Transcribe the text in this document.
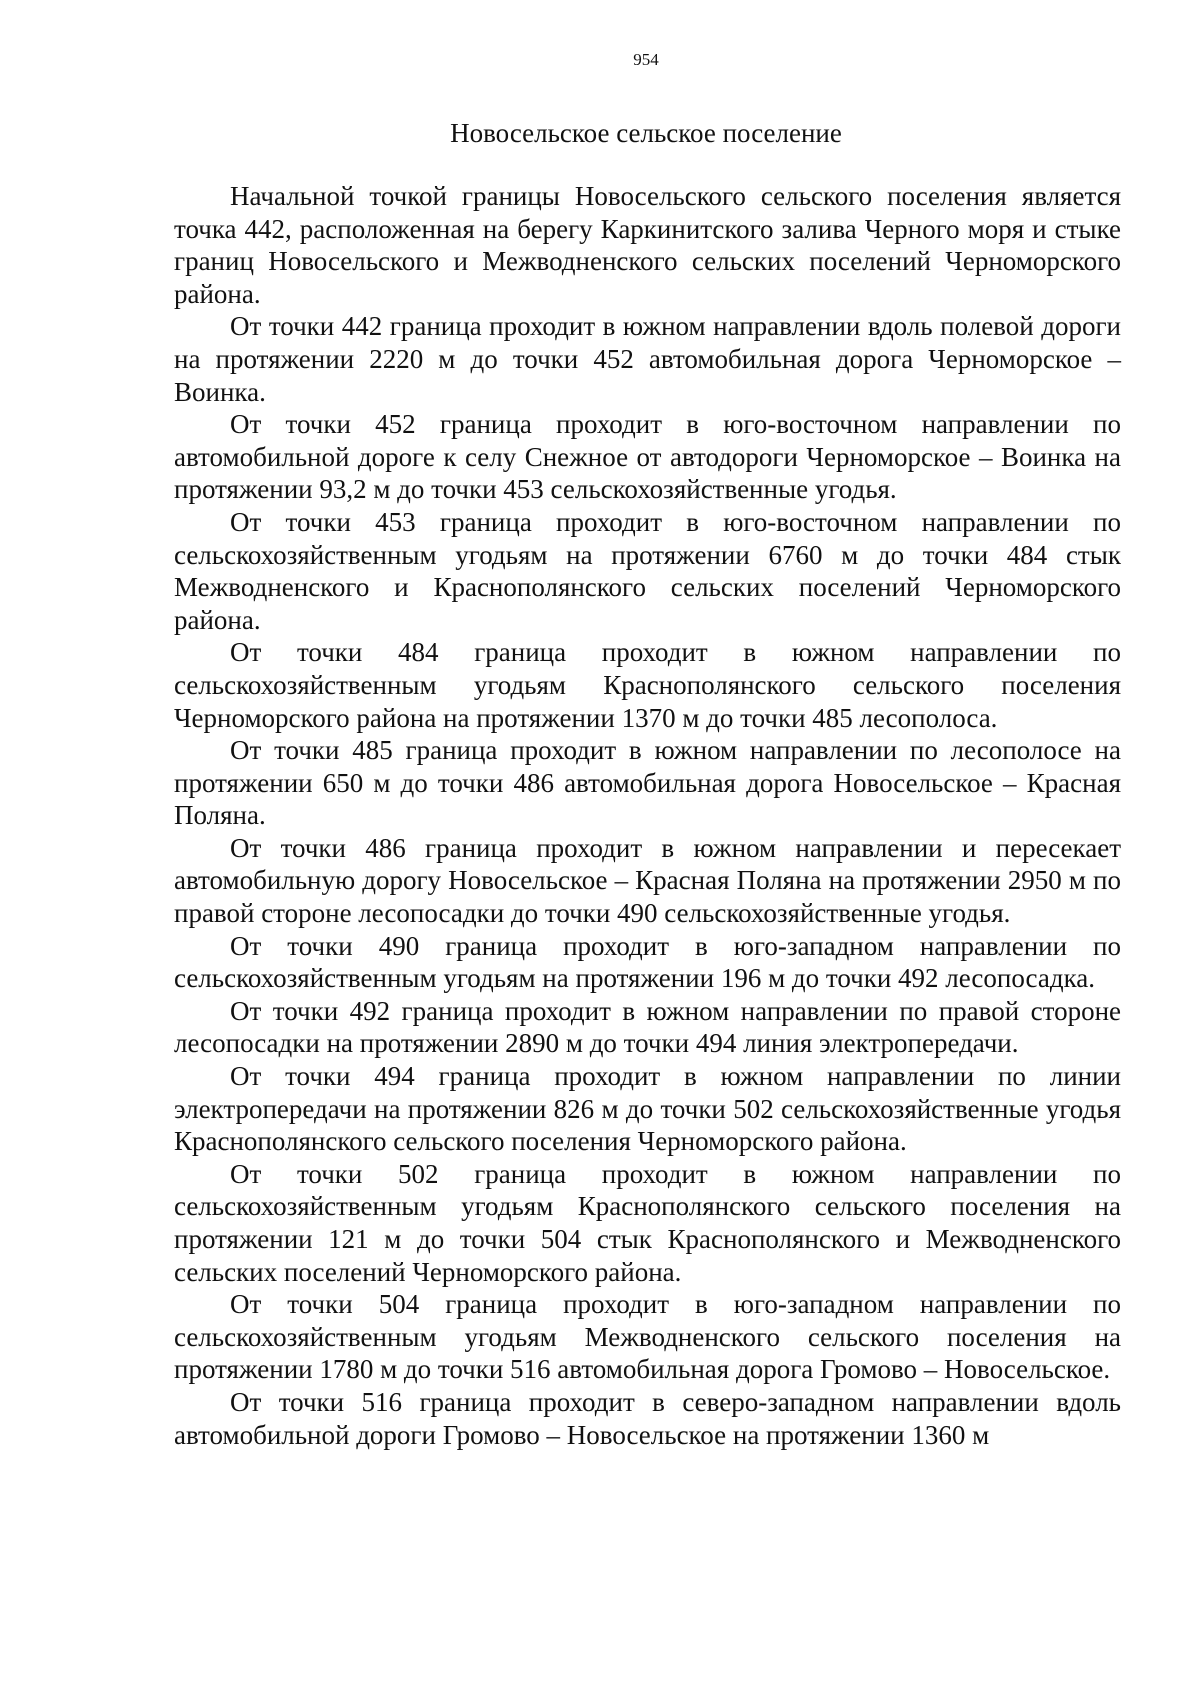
954
Новосельское сельское поселение

Начальной точкой границы Новосельского сельского поселения является точка 442, расположенная на берегу Каркинитского залива Черного моря и стыке границ Новосельского и Межводненского сельских поселений Черноморского района.

От точки 442 граница проходит в южном направлении вдоль полевой дороги на протяжении 2220 м до точки 452 автомобильная дорога Черноморское – Воинка.

От точки 452 граница проходит в юго-восточном направлении по автомобильной дороге к селу Снежное от автодороги Черноморское – Воинка на протяжении 93,2 м до точки 453 сельскохозяйственные угодья.

От точки 453 граница проходит в юго-восточном направлении по сельскохозяйственным угодьям на протяжении 6760 м до точки 484 стык Межводненского и Краснополянского сельских поселений Черноморского района.

От точки 484 граница проходит в южном направлении по сельскохозяйственным угодьям Краснополянского сельского поселения Черноморского района на протяжении 1370 м до точки 485 лесополоса.

От точки 485 граница проходит в южном направлении по лесополосе на протяжении 650 м до точки 486 автомобильная дорога Новосельское – Красная Поляна.

От точки 486 граница проходит в южном направлении и пересекает автомобильную дорогу Новосельское – Красная Поляна на протяжении 2950 м по правой стороне лесопосадки до точки 490 сельскохозяйственные угодья.

От точки 490 граница проходит в юго-западном направлении по сельскохозяйственным угодьям на протяжении 196 м до точки 492 лесопосадка.

От точки 492 граница проходит в южном направлении по правой стороне лесопосадки на протяжении 2890 м до точки 494 линия электропередачи.

От точки 494 граница проходит в южном направлении по линии электропередачи на протяжении 826 м до точки 502 сельскохозяйственные угодья Краснополянского сельского поселения Черноморского района.

От точки 502 граница проходит в южном направлении по сельскохозяйственным угодьям Краснополянского сельского поселения на протяжении 121 м до точки 504 стык Краснополянского и Межводненского сельских поселений Черноморского района.

От точки 504 граница проходит в юго-западном направлении по сельскохозяйственным угодьям Межводненского сельского поселения на протяжении 1780 м до точки 516 автомобильная дорога Громово – Новосельское.

От точки 516 граница проходит в северо-западном направлении вдоль автомобильной дороги Громово – Новосельское на протяжении 1360 м
